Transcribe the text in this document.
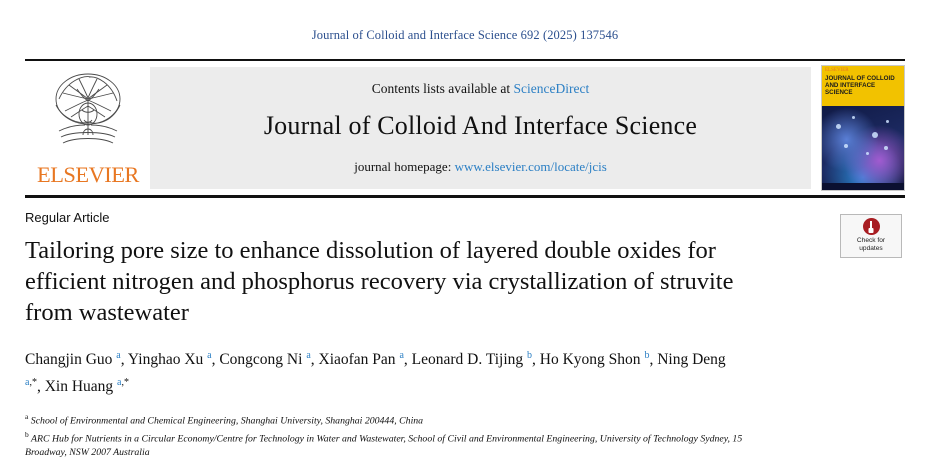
Journal of Colloid and Interface Science 692 (2025) 137546
ELSEVIER
Contents lists available at ScienceDirect
Journal of Colloid And Interface Science
journal homepage: www.elsevier.com/locate/jcis
ELSEVIER
JOURNAL OF COLLOID AND INTERFACE SCIENCE
Regular Article
Tailoring pore size to enhance dissolution of layered double oxides for efficient nitrogen and phosphorus recovery via crystallization of struvite from wastewater
Changjin Guo $^a$, Yinghao Xu $^a$, Congcong Ni $^a$, Xiaofan Pan $^a$, Leonard D. Tijing $^b$, Ho Kyong Shon $^b$, Ning Deng $^{a,*}$, Xin Huang $^{a,*}$
$^a$ School of Environmental and Chemical Engineering, Shanghai University, Shanghai 200444, China
$^b$ ARC Hub for Nutrients in a Circular Economy/Centre for Technology in Water and Wastewater, School of Civil and Environmental Engineering, University of Technology Sydney, 15 Broadway, NSW 2007 Australia
Check for
updates
